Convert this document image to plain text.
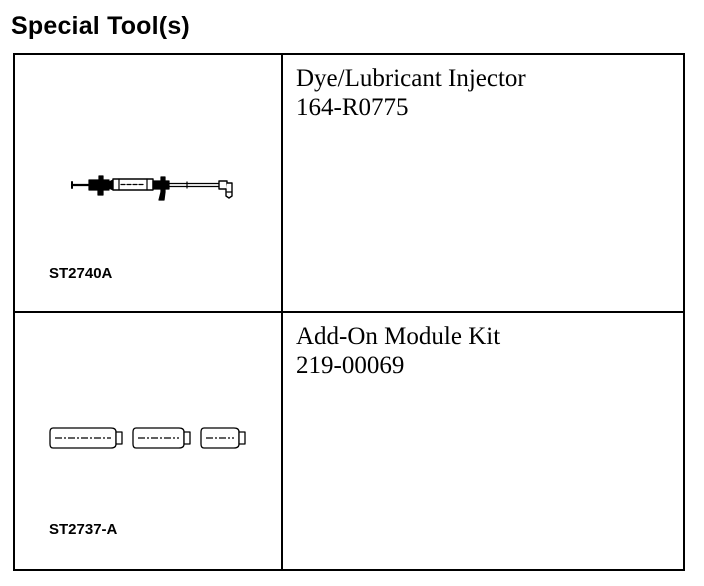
Special Tool(s)
ST2740A	Dye/Lubricant Injector
164-R0775

ST2737-A	Add-On Module Kit
219-00069
